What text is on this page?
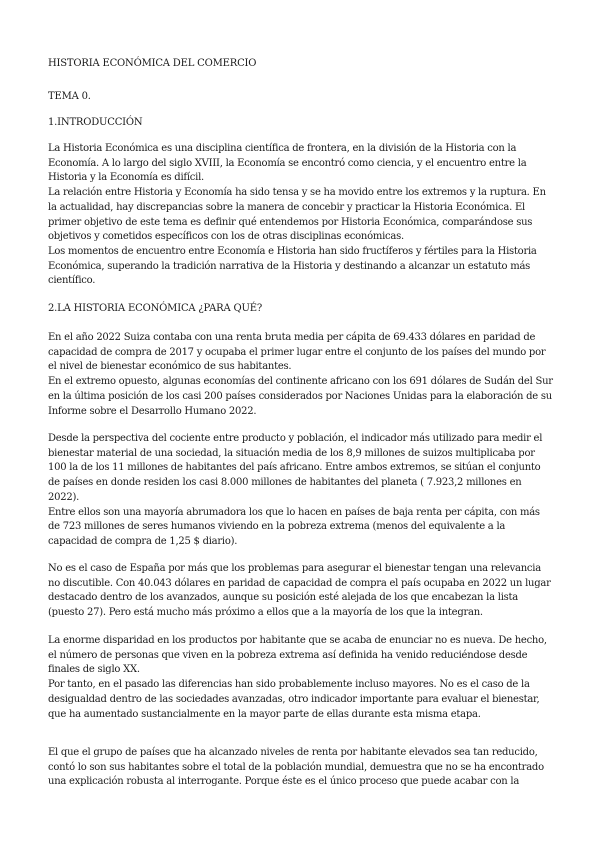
HISTORIA ECONÓMICA DEL COMERCIO
TEMA 0.
1.INTRODUCCIÓN

La Historia Económica es una disciplina científica de frontera, en la división de la Historia con la Economía. A lo largo del siglo XVIII, la Economía se encontró como ciencia, y el encuentro entre la Historia y la Economía es difícil.

La relación entre Historia y Economía ha sido tensa y se ha movido entre los extremos y la ruptura. En la actualidad, hay discrepancias sobre la manera de concebir y practicar la Historia Económica. El primer objetivo de este tema es definir qué entendemos por Historia Económica, comparándose sus objetivos y cometidos específicos con los de otras disciplinas económicas.

Los momentos de encuentro entre Economía e Historia han sido fructíferos y fértiles para la Historia Económica, superando la tradición narrativa de la Historia y destinando a alcanzar un estatuto más científico.

2.LA HISTORIA ECONÓMICA ¿PARA QUÉ?

En el año 2022 Suiza contaba con una renta bruta media per cápita de 69.433 dólares en paridad de capacidad de compra de 2017 y ocupaba el primer lugar entre el conjunto de los países del mundo por el nivel de bienestar económico de sus habitantes.

En el extremo opuesto, algunas economías del continente africano con los 691 dólares de Sudán del Sur en la última posición de los casi 200 países considerados por Naciones Unidas para la elaboración de su Informe sobre el Desarrollo Humano 2022.

Desde la perspectiva del cociente entre producto y población, el indicador más utilizado para medir el bienestar material de una sociedad, la situación media de los 8,9 millones de suizos multiplicaba por 100 la de los 11 millones de habitantes del país africano. Entre ambos extremos, se sitúan el conjunto de países en donde residen los casi 8.000 millones de habitantes del planeta ( 7.923,2 millones en 2022).

Entre ellos son una mayoría abrumadora los que lo hacen en países de baja renta per cápita, con más de 723 millones de seres humanos viviendo en la pobreza extrema (menos del equivalente a la capacidad de compra de 1,25 $ diario).

No es el caso de España por más que los problemas para asegurar el bienestar tengan una relevancia no discutible. Con 40.043 dólares en paridad de capacidad de compra el país ocupaba en 2022 un lugar destacado dentro de los avanzados, aunque su posición esté alejada de los que encabezan la lista (puesto 27). Pero está mucho más próximo a ellos que a la mayoría de los que la integran.

La enorme disparidad en los productos por habitante que se acaba de enunciar no es nueva. De hecho, el número de personas que viven en la pobreza extrema así definida ha venido reduciéndose desde finales de siglo XX.

Por tanto, en el pasado las diferencias han sido probablemente incluso mayores. No es el caso de la desigualdad dentro de las sociedades avanzadas, otro indicador importante para evaluar el bienestar, que ha aumentado sustancialmente en la mayor parte de ellas durante esta misma etapa.

El que el grupo de países que ha alcanzado niveles de renta por habitante elevados sea tan reducido, contó lo son sus habitantes sobre el total de la población mundial, demuestra que no se ha encontrado una explicación robusta al interrogante. Porque éste es el único proceso que puede acabar con la
